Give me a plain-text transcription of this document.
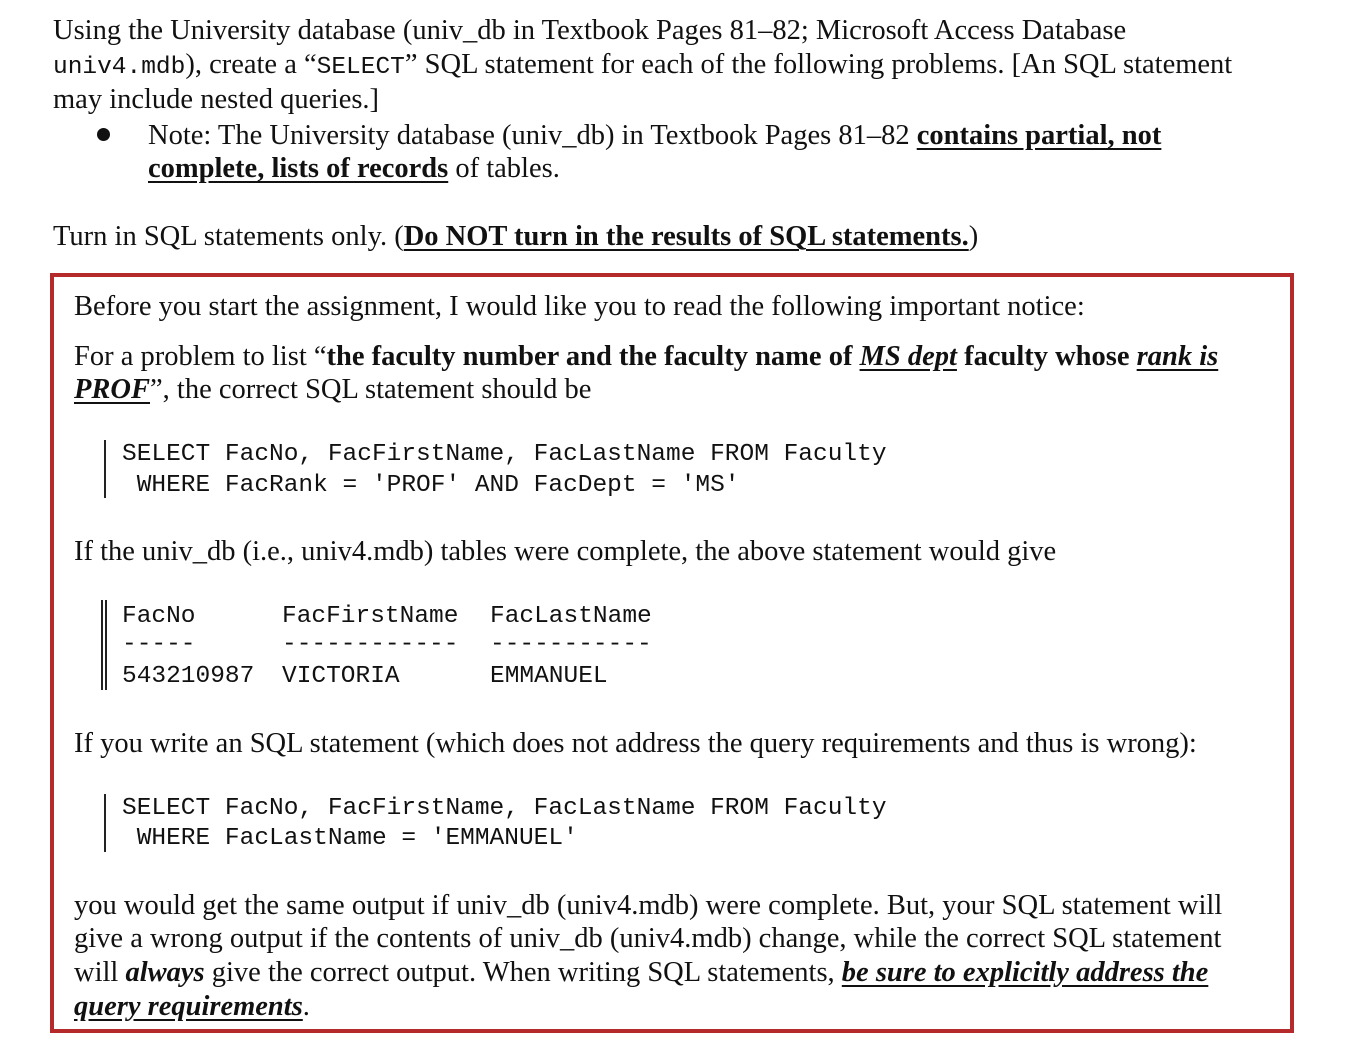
Using the University database (univ_db in Textbook Pages 81–82; Microsoft Access Database
univ4.mdb), create a “SELECT” SQL statement for each of the following problems. [An SQL statement
may include nested queries.]
Note: The University database (univ_db) in Textbook Pages 81–82 contains partial, not
complete, lists of records of tables.
Turn in SQL statements only. (Do NOT turn in the results of SQL statements.)
Before you start the assignment, I would like you to read the following important notice:
For a problem to list “the faculty number and the faculty name of MS dept faculty whose rank is
PROF”, the correct SQL statement should be
SELECT FacNo, FacFirstName, FacLastName FROM Faculty
WHERE FacRank = 'PROF' AND FacDept = 'MS'
If the univ_db (i.e., univ4.mdb) tables were complete, the above statement would give
FacNo	FacFirstName FacLastName
-----	------------ -----------
543210987 VICTORIA	EMMANUEL
If you write an SQL statement (which does not address the query requirements and thus is wrong):
SELECT FacNo, FacFirstName, FacLastName FROM Faculty
WHERE FacLastName = 'EMMANUEL'
you would get the same output if univ_db (univ4.mdb) were complete. But, your SQL statement will
give a wrong output if the contents of univ_db (univ4.mdb) change, while the correct SQL statement
will always give the correct output. When writing SQL statements, be sure to explicitly address the
query requirements.
